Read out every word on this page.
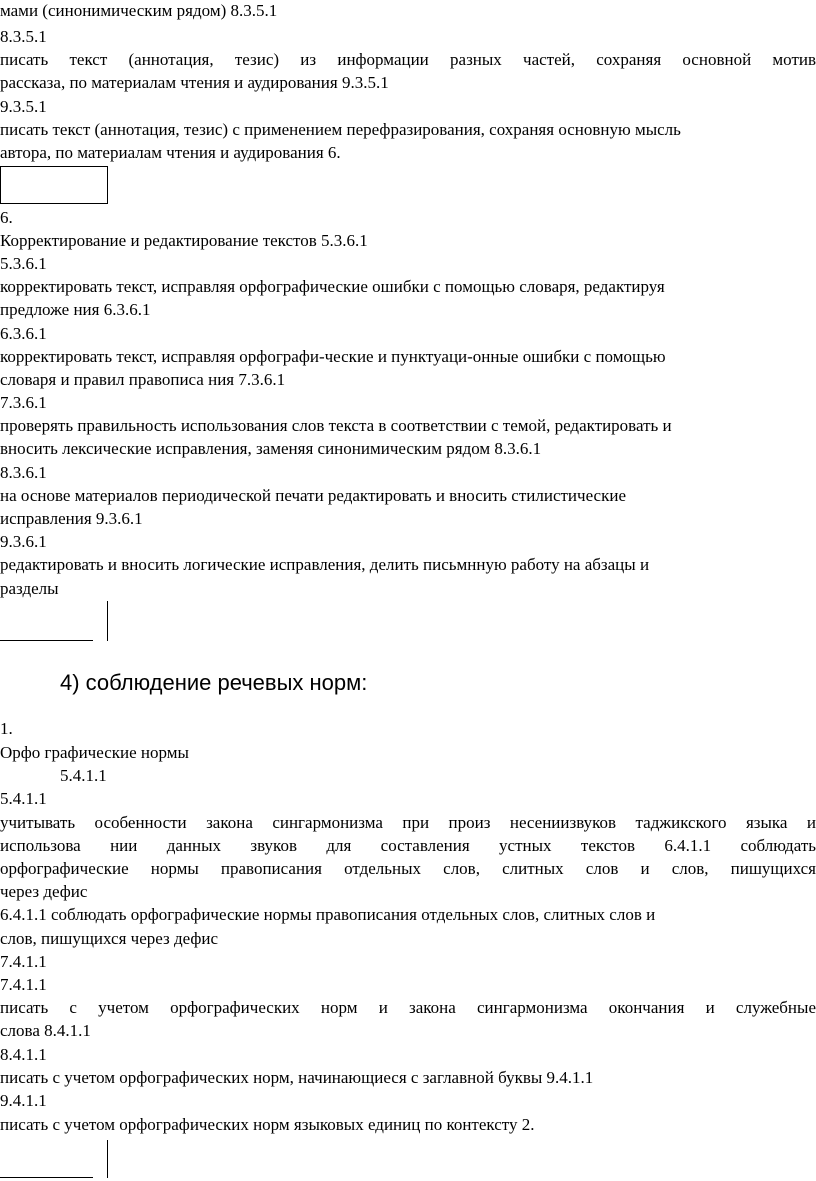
мами (синонимическим рядом) 8.3.5.1

8.3.5.1

писать текст (аннотация, тезис) из информации разных частей, сохраняя основной мотив

рассказа, по материалам чтения и аудирования 9.3.5.1

9.3.5.1

писать текст (аннотация, тезис) с применением перефразирования, сохраняя основную мысль

автора, по материалам чтения и аудирования 6.

6.

Корректирование и редактирование текстов 5.3.6.1

5.3.6.1

корректировать текст, исправляя орфографические ошибки с помощью словаря, редактируя

предложе ния 6.3.6.1

6.3.6.1

корректировать текст, исправляя орфографи-ческие и пунктуаци-онные ошибки с помощью

словаря и правил правописа ния 7.3.6.1

7.3.6.1

проверять правильность использования слов текста в соответствии с темой, редактировать и

вносить лексические исправления, заменяя синонимическим рядом 8.3.6.1

8.3.6.1

на основе материалов периодической печати редактировать и вносить стилистические

исправления 9.3.6.1

9.3.6.1

редактировать и вносить логические исправления, делить письмнную работу на абзацы и

разделы

4) соблюдение речевых норм:

1.

Орфо графические нормы

5.4.1.1

5.4.1.1

учитывать особенности закона сингармонизма при произ несениизвуков таджикского языка и

использова нии данных звуков для составления устных текстов 6.4.1.1 соблюдать

орфографические нормы правописания отдельных слов, слитных слов и слов, пишущихся

через дефис

6.4.1.1 соблюдать орфографические нормы правописания отдельных слов, слитных слов и

слов, пишущихся через дефис

7.4.1.1

7.4.1.1

писать с учетом орфографических норм и закона сингармонизма окончания и служебные

слова 8.4.1.1

8.4.1.1

писать с учетом орфографических норм, начинающиеся с заглавной буквы 9.4.1.1

9.4.1.1

писать с учетом орфографических норм языковых единиц по контексту 2.
